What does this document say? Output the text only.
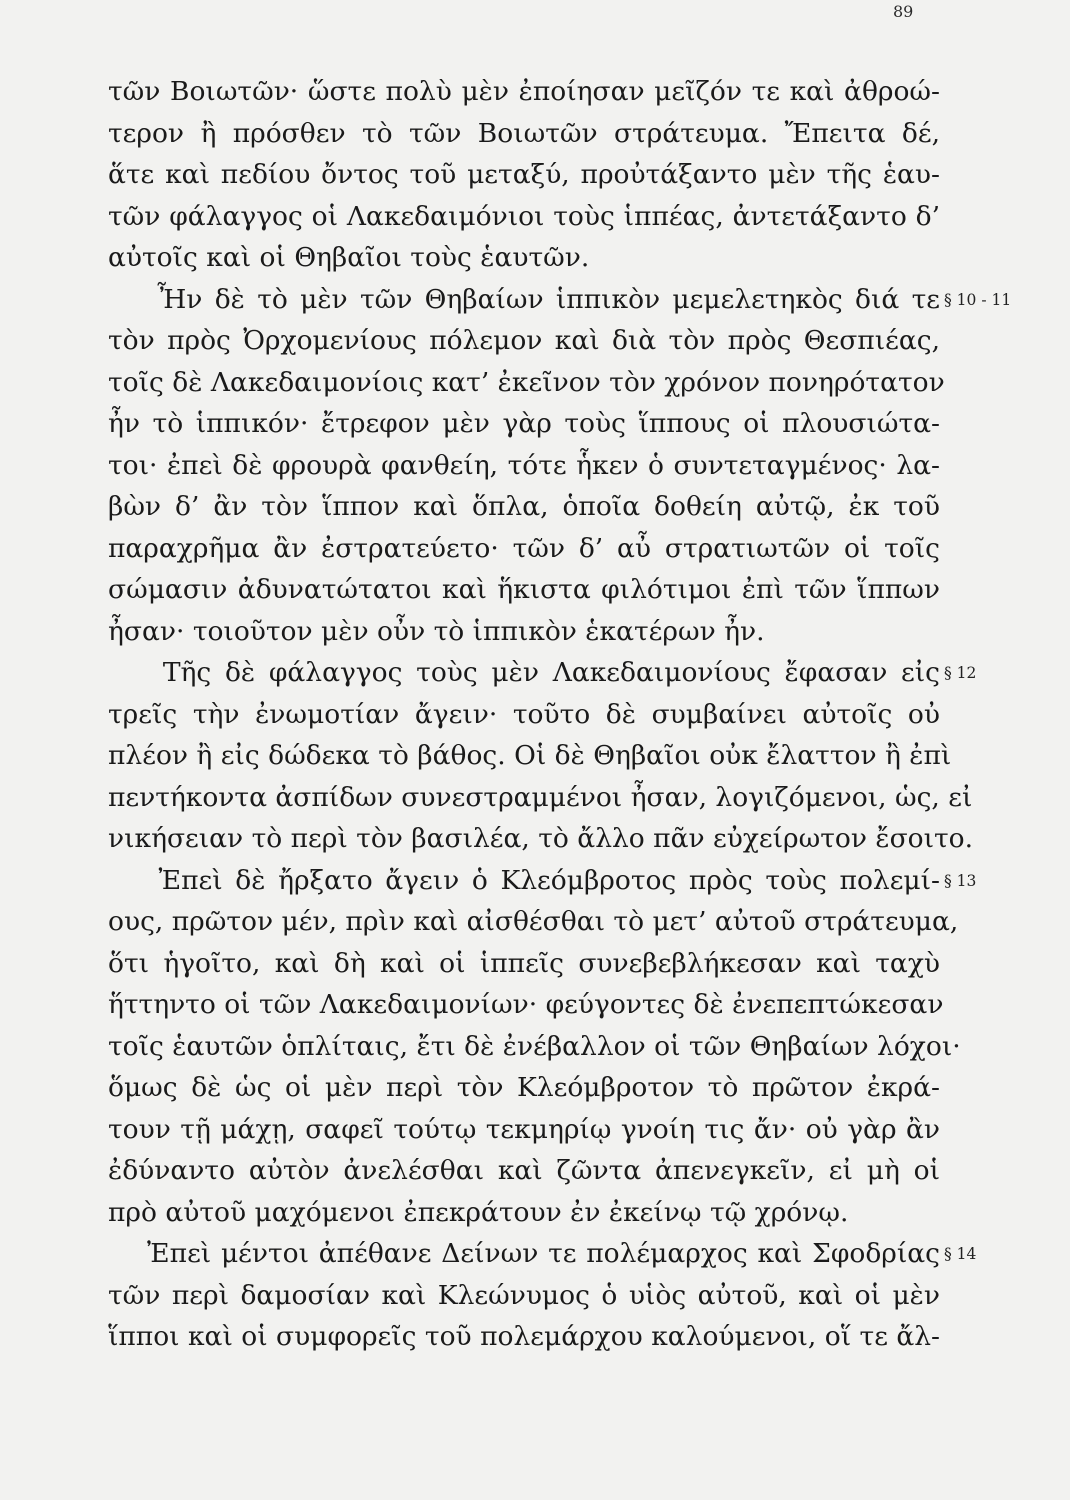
89
τῶν Βοιωτῶν· ὥστε πολὺ μὲν ἐποίησαν μεῖζόν τε καὶ ἀθροώ-
τερον ἢ πρόσθεν τὸ τῶν Βοιωτῶν στράτευμα. Ἔπειτα δέ,
ἅτε καὶ πεδίου ὄντος τοῦ μεταξύ, προὐτάξαντο μὲν τῆς ἑαυ-
τῶν φάλαγγος οἱ Λακεδαιμόνιοι τοὺς ἱππέας, ἀντετάξαντο δ’
αὐτοῖς καὶ οἱ Θηβαῖοι τοὺς ἑαυτῶν.
Ἦν δὲ τὸ μὲν τῶν Θηβαίων ἱππικὸν μεμελετηκὸς διά τε
τὸν πρὸς Ὀρχομενίους πόλεμον καὶ διὰ τὸν πρὸς Θεσπιέας,
τοῖς δὲ Λακεδαιμονίοις κατ’ ἐκεῖνον τὸν χρόνον πονηρότατον
ἦν τὸ ἱππικόν· ἔτρεφον μὲν γὰρ τοὺς ἵππους οἱ πλουσιώτα-
τοι· ἐπεὶ δὲ φρουρὰ φανθείη, τότε ἧκεν ὁ συντεταγμένος· λα-
βὼν δ’ ἂν τὸν ἵππον καὶ ὅπλα, ὁποῖα δοθείη αὐτῷ, ἐκ τοῦ
παραχρῆμα ἂν ἐστρατεύετο· τῶν δ’ αὖ στρατιωτῶν οἱ τοῖς
σώμασιν ἀδυνατώτατοι καὶ ἥκιστα φιλότιμοι ἐπὶ τῶν ἵππων
ἦσαν· τοιοῦτον μὲν οὖν τὸ ἱππικὸν ἑκατέρων ἦν.
Τῆς δὲ φάλαγγος τοὺς μὲν Λακεδαιμονίους ἔφασαν εἰς
τρεῖς τὴν ἐνωμοτίαν ἄγειν· τοῦτο δὲ συμβαίνει αὐτοῖς οὐ
πλέον ἢ εἰς δώδεκα τὸ βάθος. Οἱ δὲ Θηβαῖοι οὐκ ἔλαττον ἢ ἐπὶ
πεντήκοντα ἀσπίδων συνεστραμμένοι ἦσαν, λογιζόμενοι, ὡς, εἰ
νικήσειαν τὸ περὶ τὸν βασιλέα, τὸ ἄλλο πᾶν εὐχείρωτον ἔσοιτο.
Ἐπεὶ δὲ ἤρξατο ἄγειν ὁ Κλεόμβροτος πρὸς τοὺς πολεμί-
ους, πρῶτον μέν, πρὶν καὶ αἰσθέσθαι τὸ μετ’ αὐτοῦ στράτευμα,
ὅτι ἡγοῖτο, καὶ δὴ καὶ οἱ ἱππεῖς συνεβεβλήκεσαν καὶ ταχὺ
ἥττηντο οἱ τῶν Λακεδαιμονίων· φεύγοντες δὲ ἐνεπεπτώκεσαν
τοῖς ἑαυτῶν ὁπλίταις, ἔτι δὲ ἐνέβαλλον οἱ τῶν Θηβαίων λόχοι·
ὅμως δὲ ὡς οἱ μὲν περὶ τὸν Κλεόμβροτον τὸ πρῶτον ἐκρά-
τουν τῇ μάχῃ, σαφεῖ τούτῳ τεκμηρίῳ γνοίη τις ἄν· οὐ γὰρ ἂν
ἐδύναντο αὐτὸν ἀνελέσθαι καὶ ζῶντα ἀπενεγκεῖν, εἰ μὴ οἱ
πρὸ αὐτοῦ μαχόμενοι ἐπεκράτουν ἐν ἐκείνῳ τῷ χρόνῳ.
Ἐπεὶ μέντοι ἀπέθανε Δείνων τε πολέμαρχος καὶ Σφοδρίας
τῶν περὶ δαμοσίαν καὶ Κλεώνυμος ὁ υἱὸς αὐτοῦ, καὶ οἱ μὲν
ἵπποι καὶ οἱ συμφορεῖς τοῦ πολεμάρχου καλούμενοι, οἵ τε ἄλ-
§ 10 - 11
§ 12
§ 13
§ 14
